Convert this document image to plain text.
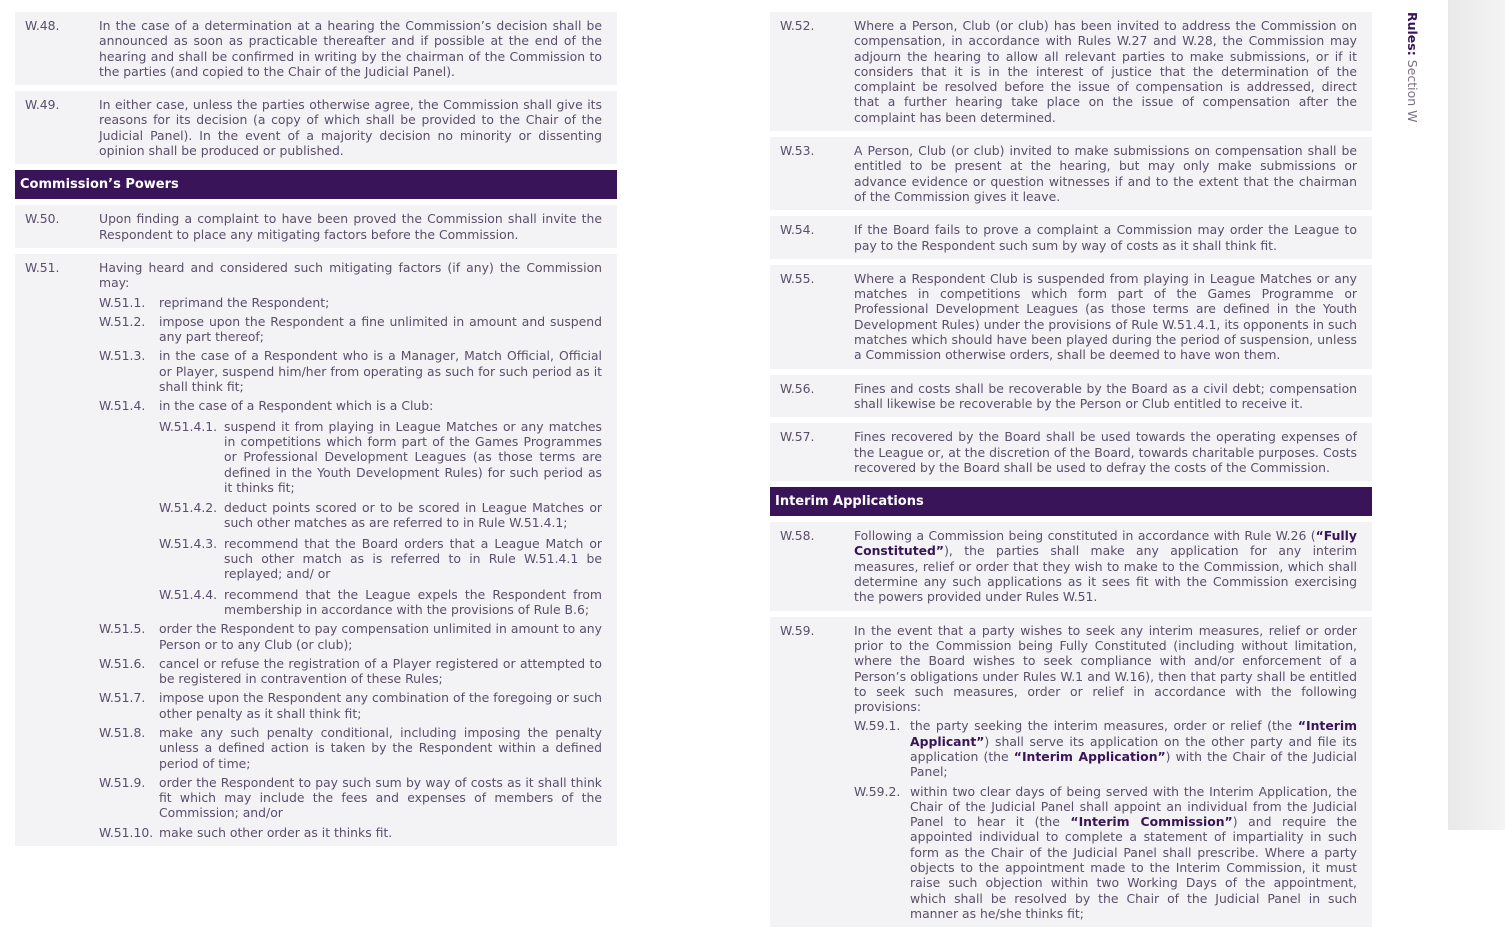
W.48.	In the case of a determination at a hearing the Commission’s decision shall be announced as soon as practicable thereafter and if possible at the end of the hearing and shall be confirmed in writing by the chairman of the Commission to the parties (and copied to the Chair of the Judicial Panel).
W.49.	In either case, unless the parties otherwise agree, the Commission shall give its reasons for its decision (a copy of which shall be provided to the Chair of the Judicial Panel). In the event of a majority decision no minority or dissenting opinion shall be produced or published.
Commission’s Powers
W.50.	Upon finding a complaint to have been proved the Commission shall invite the Respondent to place any mitigating factors before the Commission.
W.51.	Having heard and considered such mitigating factors (if any) the Commission may:
W.51.1. reprimand the Respondent;
W.51.2. impose upon the Respondent a fine unlimited in amount and suspend any part thereof;
W.51.3. in the case of a Respondent who is a Manager, Match Official, Official or Player, suspend him/her from operating as such for such period as it shall think fit;
W.51.4. in the case of a Respondent which is a Club:
W.51.4.1. suspend it from playing in League Matches or any matches in competitions which form part of the Games Programmes or Professional Development Leagues (as those terms are defined in the Youth Development Rules) for such period as it thinks fit;
W.51.4.2. deduct points scored or to be scored in League Matches or such other matches as are referred to in Rule W.51.4.1;
W.51.4.3. recommend that the Board orders that a League Match or such other match as is referred to in Rule W.51.4.1 be replayed; and/ or
W.51.4.4. recommend that the League expels the Respondent from membership in accordance with the provisions of Rule B.6;
W.51.5. order the Respondent to pay compensation unlimited in amount to any Person or to any Club (or club);
W.51.6. cancel or refuse the registration of a Player registered or attempted to be registered in contravention of these Rules;
W.51.7. impose upon the Respondent any combination of the foregoing or such other penalty as it shall think fit;
W.51.8. make any such penalty conditional, including imposing the penalty unless a defined action is taken by the Respondent within a defined period of time;
W.51.9. order the Respondent to pay such sum by way of costs as it shall think fit which may include the fees and expenses of members of the Commission; and/or
W.51.10. make such other order as it thinks fit.
W.52.	Where a Person, Club (or club) has been invited to address the Commission on compensation, in accordance with Rules W.27 and W.28, the Commission may adjourn the hearing to allow all relevant parties to make submissions, or if it considers that it is in the interest of justice that the determination of the complaint be resolved before the issue of compensation is addressed, direct that a further hearing take place on the issue of compensation after the complaint has been determined.
W.53.	A Person, Club (or club) invited to make submissions on compensation shall be entitled to be present at the hearing, but may only make submissions or advance evidence or question witnesses if and to the extent that the chairman of the Commission gives it leave.
W.54.	If the Board fails to prove a complaint a Commission may order the League to pay to the Respondent such sum by way of costs as it shall think fit.
W.55.	Where a Respondent Club is suspended from playing in League Matches or any matches in competitions which form part of the Games Programme or Professional Development Leagues (as those terms are defined in the Youth Development Rules) under the provisions of Rule W.51.4.1, its opponents in such matches which should have been played during the period of suspension, unless a Commission otherwise orders, shall be deemed to have won them.
W.56.	Fines and costs shall be recoverable by the Board as a civil debt; compensation shall likewise be recoverable by the Person or Club entitled to receive it.
W.57.	Fines recovered by the Board shall be used towards the operating expenses of the League or, at the discretion of the Board, towards charitable purposes. Costs recovered by the Board shall be used to defray the costs of the Commission.
Interim Applications
W.58.	Following a Commission being constituted in accordance with Rule W.26 (“Fully Constituted”), the parties shall make any application for any interim measures, relief or order that they wish to make to the Commission, which shall determine any such applications as it sees fit with the Commission exercising the powers provided under Rules W.51.
W.59.	In the event that a party wishes to seek any interim measures, relief or order prior to the Commission being Fully Constituted (including without limitation, where the Board wishes to seek compliance with and/or enforcement of a Person’s obligations under Rules W.1 and W.16), then that party shall be entitled to seek such measures, order or relief in accordance with the following provisions:
W.59.1. the party seeking the interim measures, order or relief (the “Interim Applicant”) shall serve its application on the other party and file its application (the “Interim Application”) with the Chair of the Judicial Panel;
W.59.2. within two clear days of being served with the Interim Application, the Chair of the Judicial Panel shall appoint an individual from the Judicial Panel to hear it (the “Interim Commission”) and require the appointed individual to complete a statement of impartiality in such form as the Chair of the Judicial Panel shall prescribe. Where a party objects to the appointment made to the Interim Commission, it must raise such objection within two Working Days of the appointment, which shall be resolved by the Chair of the Judicial Panel in such manner as he/she thinks fit;
Rules: Section W
